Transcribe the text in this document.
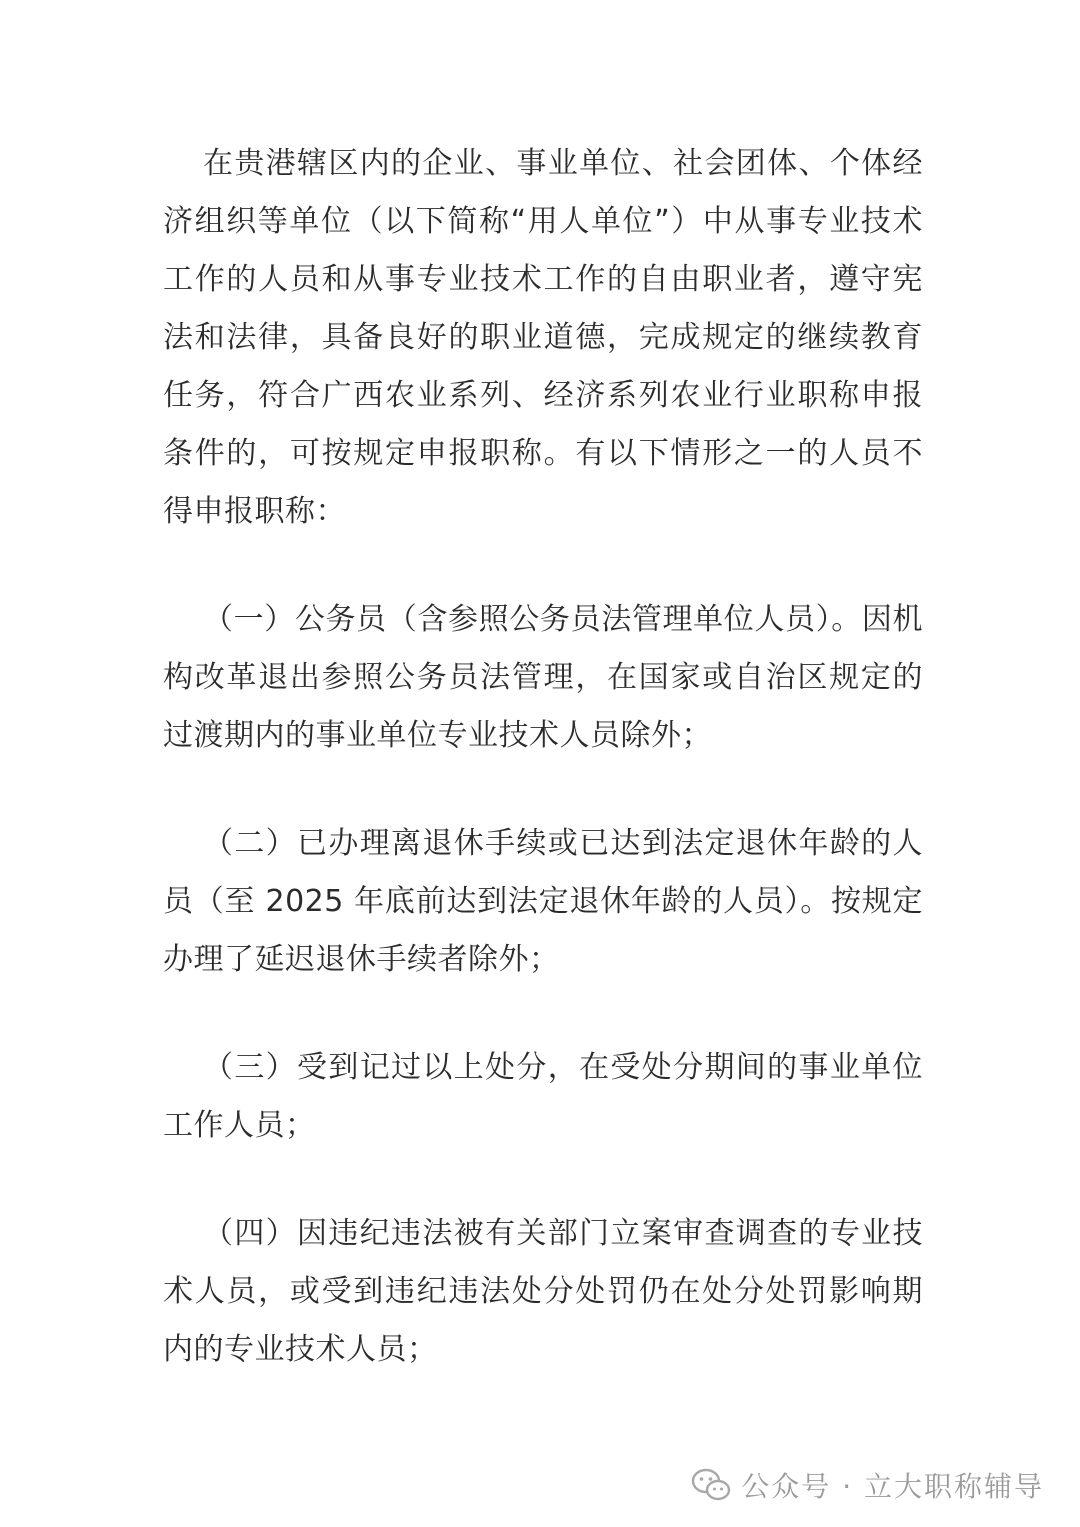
在贵港辖区内的企业、事业单位、社会团体、个体经济组织等单位（以下简称“用人单位”）中从事专业技术工作的人员和从事专业技术工作的自由职业者，遵守宪法和法律，具备良好的职业道德，完成规定的继续教育任务，符合广西农业系列、经济系列农业行业职称申报条件的，可按规定申报职称。有以下情形之一的人员不得申报职称：

（一）公务员（含参照公务员法管理单位人员）。因机构改革退出参照公务员法管理，在国家或自治区规定的过渡期内的事业单位专业技术人员除外；

（二）已办理离退休手续或已达到法定退休年龄的人员（至 2025 年底前达到法定退休年龄的人员）。按规定办理了延迟退休手续者除外；

（三）受到记过以上处分，在受处分期间的事业单位工作人员；

（四）因违纪违法被有关部门立案审查调查的专业技术人员，或受到违纪违法处分处罚仍在处分处罚影响期内的专业技术人员；

公众号 · 立大职称辅导
